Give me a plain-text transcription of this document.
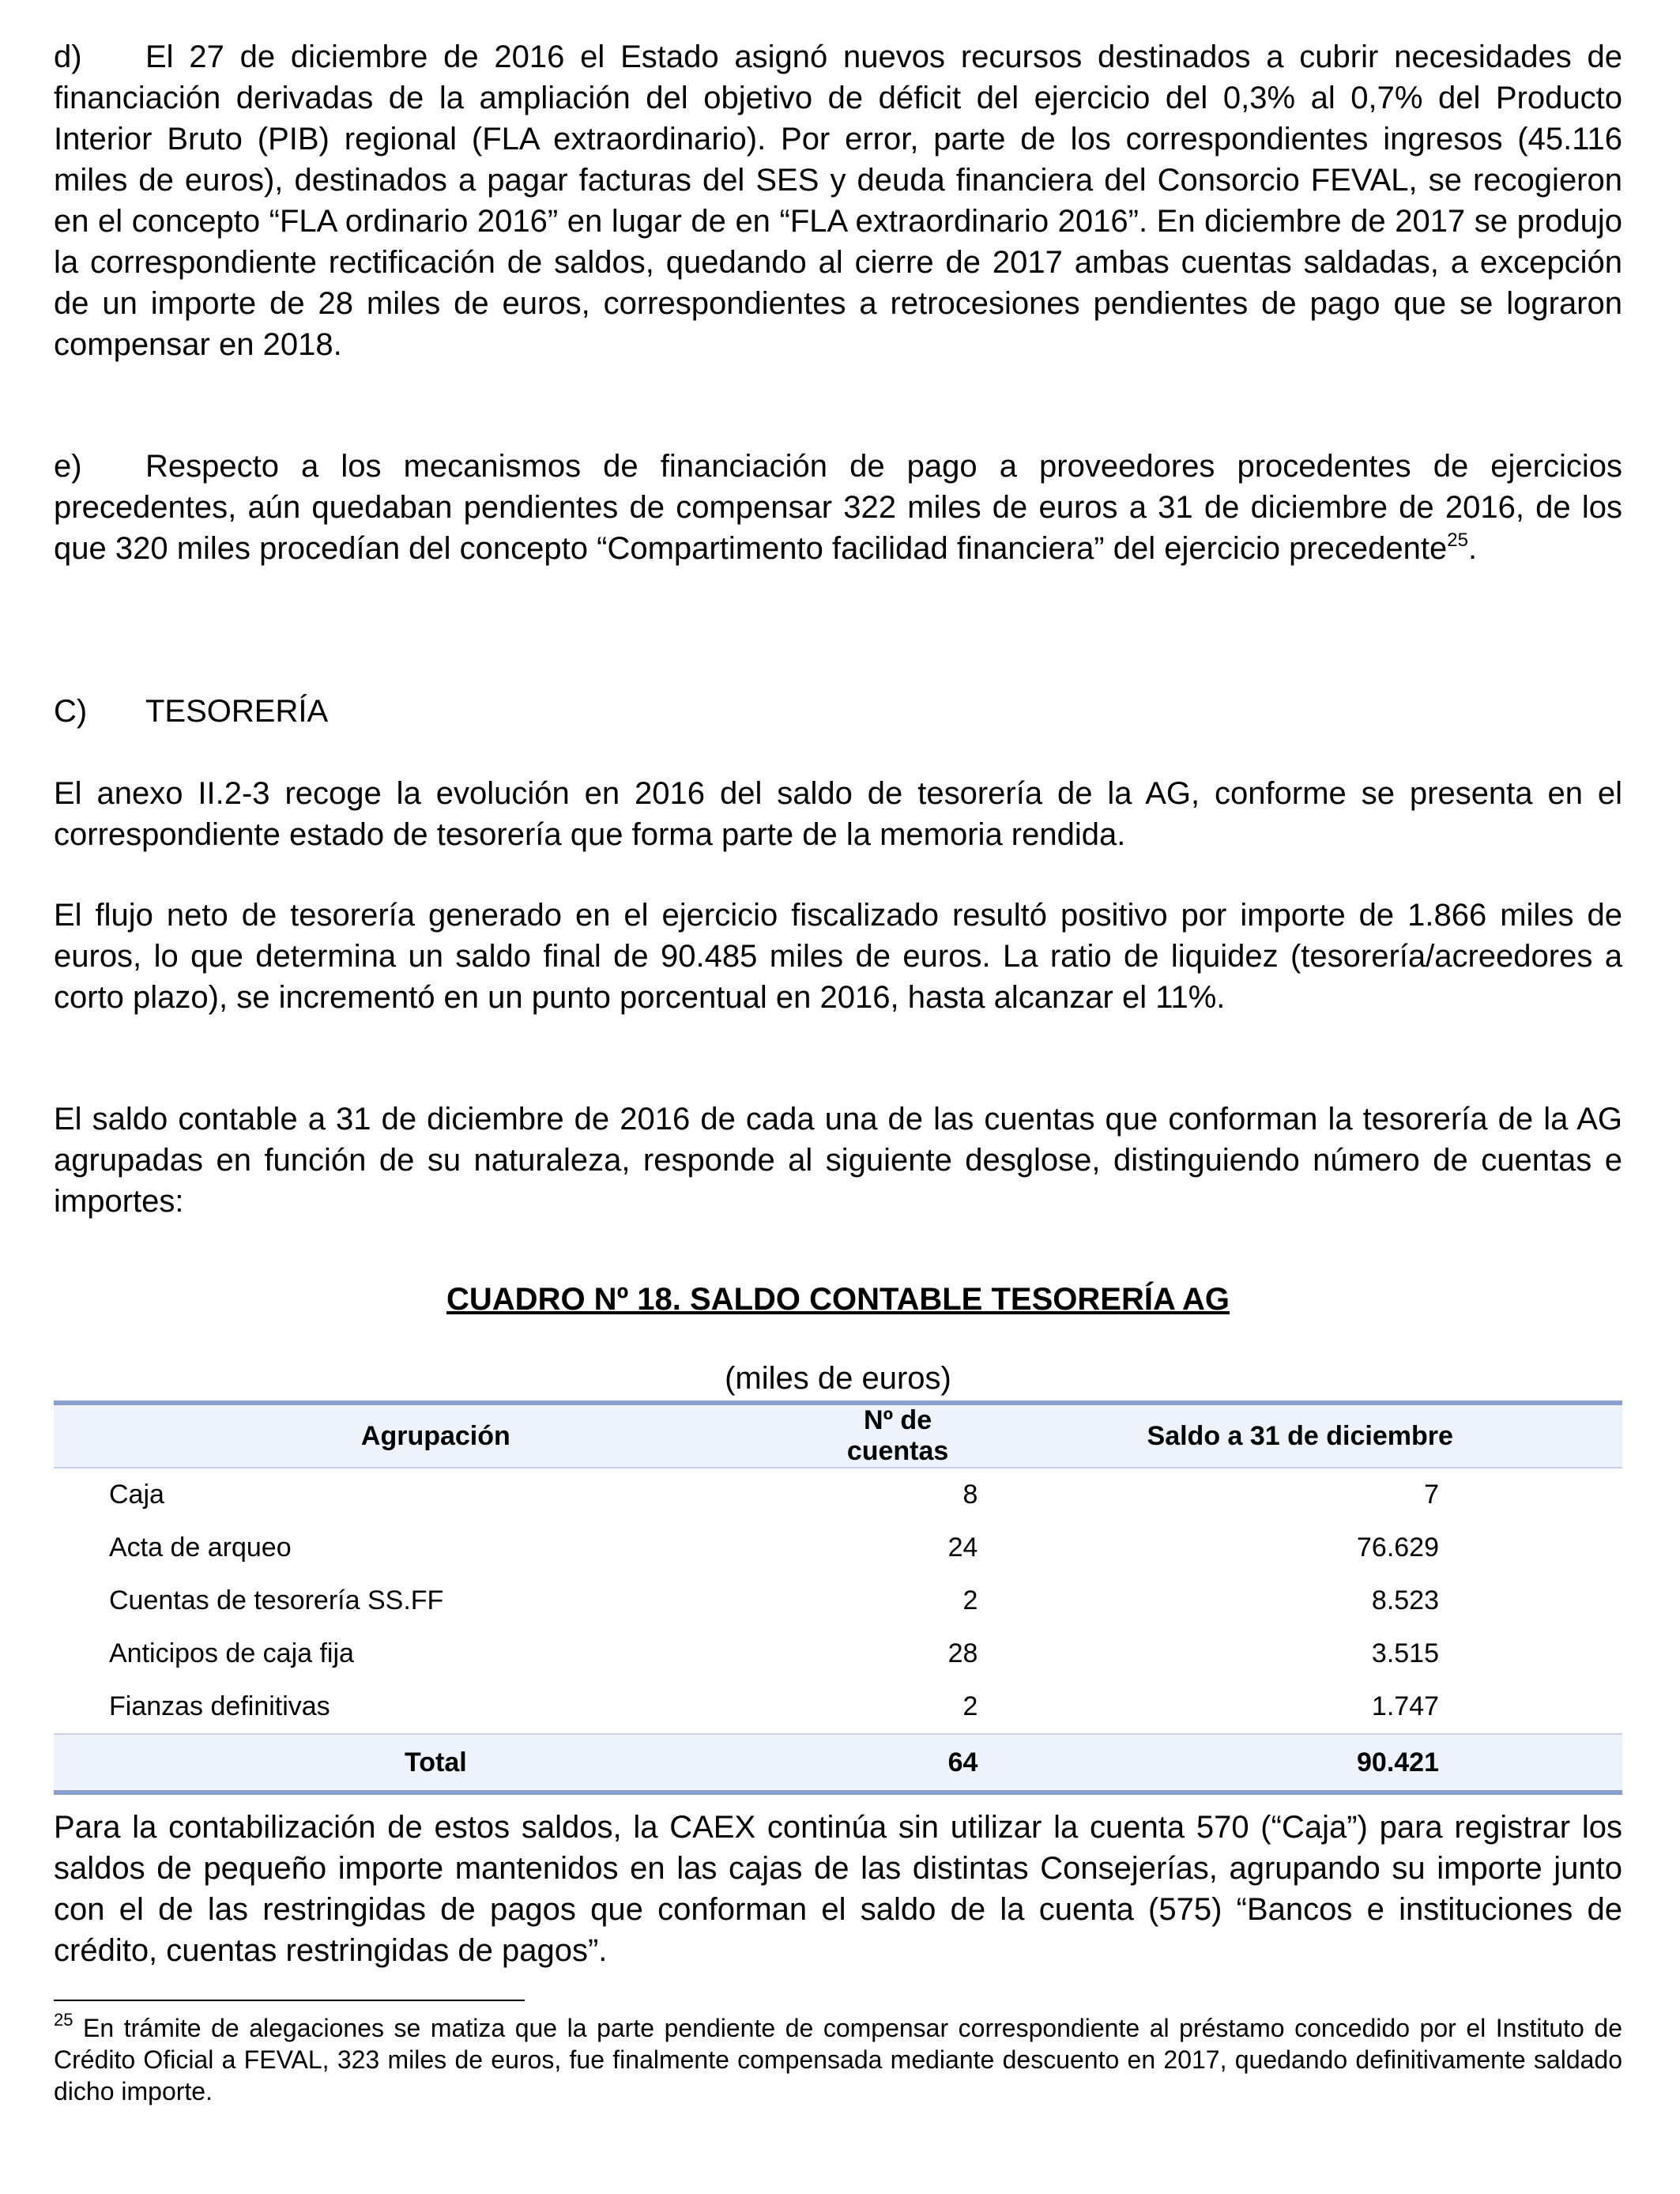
d) El 27 de diciembre de 2016 el Estado asignó nuevos recursos destinados a cubrir necesidades de financiación derivadas de la ampliación del objetivo de déficit del ejercicio del 0,3% al 0,7% del Producto Interior Bruto (PIB) regional (FLA extraordinario). Por error, parte de los correspondientes ingresos (45.116 miles de euros), destinados a pagar facturas del SES y deuda financiera del Consorcio FEVAL, se recogieron en el concepto “FLA ordinario 2016” en lugar de en “FLA extraordinario 2016”. En diciembre de 2017 se produjo la correspondiente rectificación de saldos, quedando al cierre de 2017 ambas cuentas saldadas, a excepción de un importe de 28 miles de euros, correspondientes a retrocesiones pendientes de pago que se lograron compensar en 2018.

e) Respecto a los mecanismos de financiación de pago a proveedores procedentes de ejercicios precedentes, aún quedaban pendientes de compensar 322 miles de euros a 31 de diciembre de 2016, de los que 320 miles procedían del concepto “Compartimento facilidad financiera” del ejercicio precedente$^{25}$.

C) TESORERÍA

El anexo II.2-3 recoge la evolución en 2016 del saldo de tesorería de la AG, conforme se presenta en el correspondiente estado de tesorería que forma parte de la memoria rendida.

El flujo neto de tesorería generado en el ejercicio fiscalizado resultó positivo por importe de 1.866 miles de euros, lo que determina un saldo final de 90.485 miles de euros. La ratio de liquidez (tesorería/acreedores a corto plazo), se incrementó en un punto porcentual en 2016, hasta alcanzar el 11%.

El saldo contable a 31 de diciembre de 2016 de cada una de las cuentas que conforman la tesorería de la AG agrupadas en función de su naturaleza, responde al siguiente desglose, distinguiendo número de cuentas e importes:

CUADRO Nº 18. SALDO CONTABLE TESORERÍA AG
(miles de euros)
Agrupación	Nº de cuentas	Saldo a 31 de diciembre
Caja	8	7
Acta de arqueo	24	76.629
Cuentas de tesorería SS.FF	2	8.523
Anticipos de caja fija	28	3.515
Fianzas definitivas	2	1.747
Total	64	90.421

Para la contabilización de estos saldos, la CAEX continúa sin utilizar la cuenta 570 (“Caja”) para registrar los saldos de pequeño importe mantenidos en las cajas de las distintas Consejerías, agrupando su importe junto con el de las restringidas de pagos que conforman el saldo de la cuenta (575) “Bancos e instituciones de crédito, cuentas restringidas de pagos”.

$^{25}$ En trámite de alegaciones se matiza que la parte pendiente de compensar correspondiente al préstamo concedido por el Instituto de Crédito Oficial a FEVAL, 323 miles de euros, fue finalmente compensada mediante descuento en 2017, quedando definitivamente saldado dicho importe.
